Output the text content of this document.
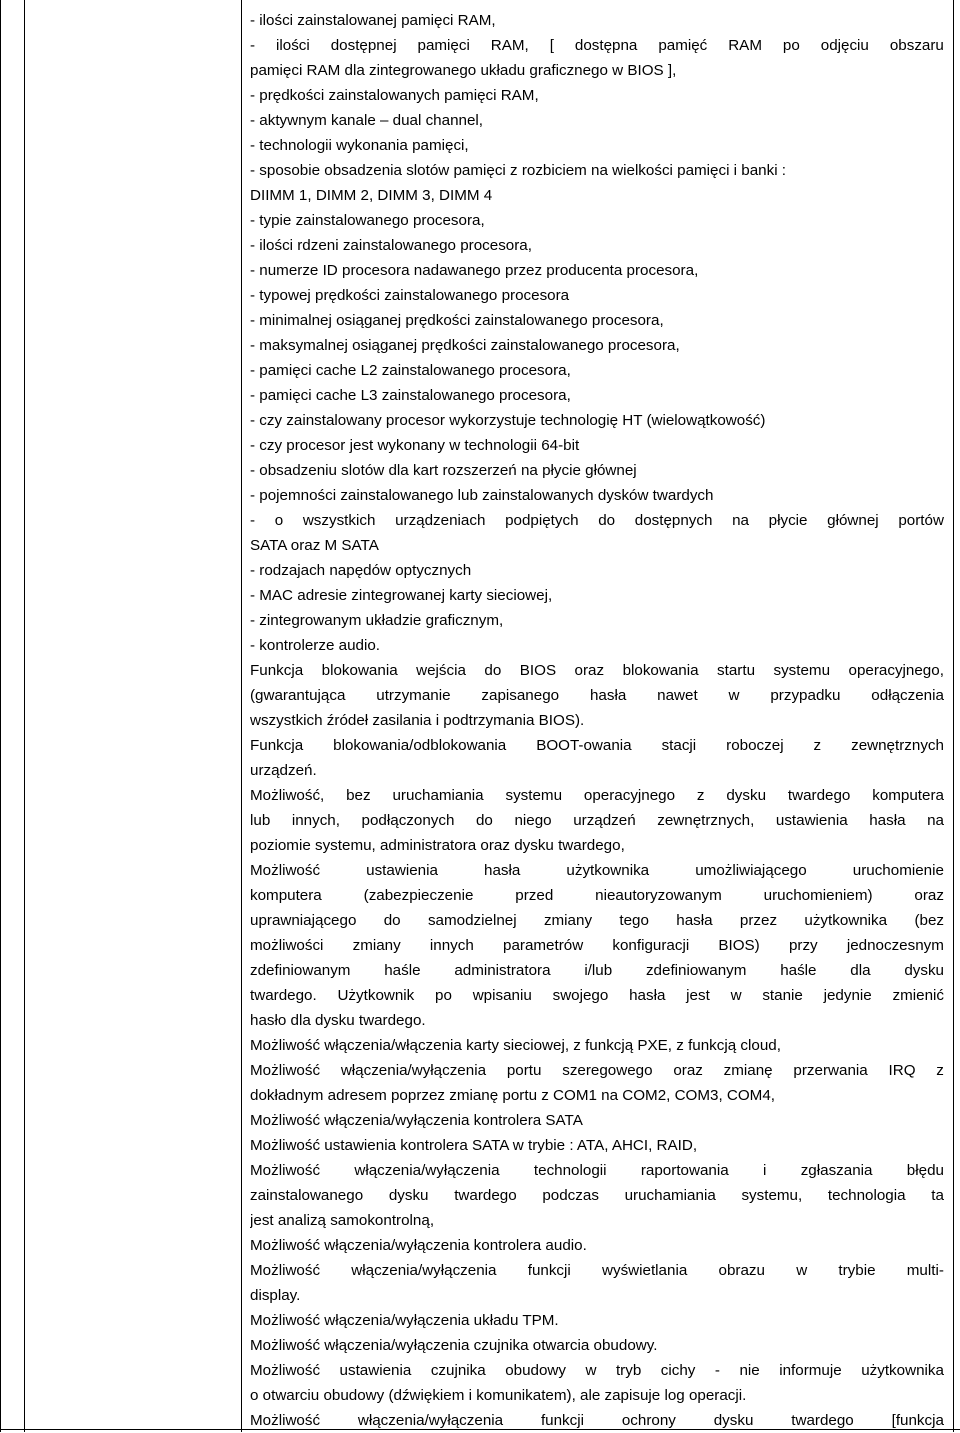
- ilości zainstalowanej pamięci RAM,
- ilości dostępnej pamięci RAM, [ dostępna pamięć RAM po odjęciu obszaru
pamięci RAM dla zintegrowanego układu graficznego w BIOS ],
- prędkości zainstalowanych pamięci RAM,
- aktywnym kanale – dual channel,
- technologii wykonania pamięci,
- sposobie obsadzenia slotów pamięci z rozbiciem na wielkości pamięci i banki :
DIIMM 1, DIMM 2, DIMM 3, DIMM 4
- typie zainstalowanego procesora,
- ilości rdzeni zainstalowanego procesora,
- numerze ID procesora nadawanego przez producenta procesora,
- typowej prędkości zainstalowanego procesora
- minimalnej osiąganej prędkości zainstalowanego procesora,
- maksymalnej osiąganej prędkości zainstalowanego procesora,
- pamięci cache L2 zainstalowanego procesora,
- pamięci cache L3 zainstalowanego procesora,
- czy zainstalowany procesor wykorzystuje technologię HT (wielowątkowość)
- czy procesor jest wykonany w technologii 64-bit
- obsadzeniu slotów dla kart rozszerzeń na płycie głównej
- pojemności zainstalowanego lub zainstalowanych dysków twardych
- o wszystkich urządzeniach podpiętych do dostępnych na płycie głównej portów
SATA oraz M SATA
- rodzajach napędów optycznych
- MAC adresie zintegrowanej karty sieciowej,
- zintegrowanym układzie graficznym,
- kontrolerze audio.
Funkcja blokowania wejścia do BIOS oraz blokowania startu systemu operacyjnego,
(gwarantująca utrzymanie zapisanego hasła nawet w przypadku odłączenia
wszystkich źródeł zasilania i podtrzymania BIOS).
Funkcja blokowania/odblokowania BOOT-owania stacji roboczej z zewnętrznych
urządzeń.
Możliwość, bez uruchamiania systemu operacyjnego z dysku twardego komputera
lub innych, podłączonych do niego urządzeń zewnętrznych, ustawienia hasła na
poziomie systemu, administratora oraz dysku twardego,
Możliwość	ustawienia	hasła	użytkownika	umożliwiającego	uruchomienie
komputera	(zabezpieczenie	przed	nieautoryzowanym	uruchomieniem)	oraz
uprawniającego do samodzielnej zmiany tego hasła przez użytkownika (bez
możliwości zmiany innych parametrów konfiguracji BIOS) przy jednoczesnym
zdefiniowanym haśle administratora i/lub zdefiniowanym haśle dla dysku
twardego. Użytkownik po wpisaniu swojego hasła jest w stanie jedynie zmienić
hasło dla dysku twardego.
Możliwość włączenia/włączenia karty sieciowej, z funkcją PXE, z funkcją cloud,
Możliwość włączenia/wyłączenia portu szeregowego oraz zmianę przerwania IRQ z
dokładnym adresem poprzez zmianę portu z COM1 na COM2, COM3, COM4,
Możliwość włączenia/wyłączenia kontrolera SATA
Możliwość ustawienia kontrolera SATA w trybie : ATA, AHCI, RAID,
Możliwość włączenia/wyłączenia technologii raportowania i zgłaszania błędu
zainstalowanego dysku twardego podczas uruchamiania systemu, technologia ta
jest analizą samokontrolną,
Możliwość włączenia/wyłączenia kontrolera audio.
Możliwość włączenia/wyłączenia funkcji wyświetlania obrazu w trybie multi-
display.
Możliwość włączenia/wyłączenia układu TPM.
Możliwość włączenia/wyłączenia czujnika otwarcia obudowy.
Możliwość ustawienia czujnika obudowy w tryb cichy - nie informuje użytkownika
o otwarciu obudowy (dźwiękiem i komunikatem), ale zapisuje log operacji.
Możliwość włączenia/wyłączenia funkcji ochrony dysku twardego [funkcja
